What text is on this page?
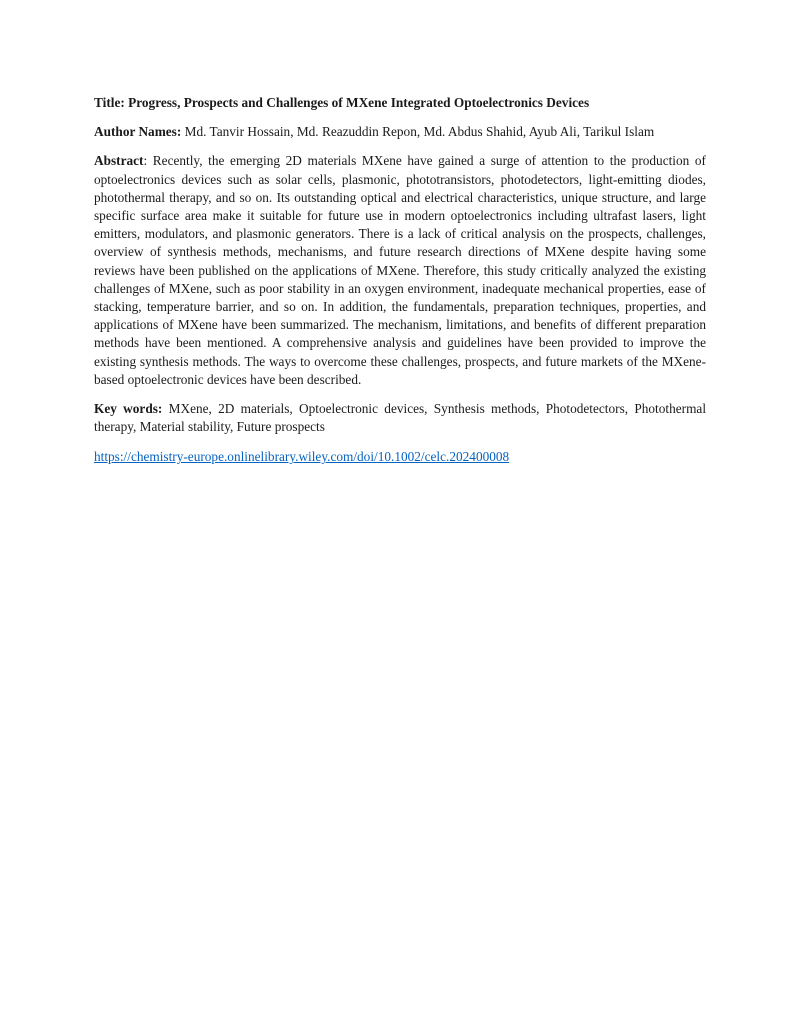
Title: Progress, Prospects and Challenges of MXene Integrated Optoelectronics Devices

Author Names: Md. Tanvir Hossain, Md. Reazuddin Repon, Md. Abdus Shahid, Ayub Ali, Tarikul Islam

Abstract: Recently, the emerging 2D materials MXene have gained a surge of attention to the production of optoelectronics devices such as solar cells, plasmonic, phototransistors, photodetectors, light-emitting diodes, photothermal therapy, and so on. Its outstanding optical and electrical characteristics, unique structure, and large specific surface area make it suitable for future use in modern optoelectronics including ultrafast lasers, light emitters, modulators, and plasmonic generators. There is a lack of critical analysis on the prospects, challenges, overview of synthesis methods, mechanisms, and future research directions of MXene despite having some reviews have been published on the applications of MXene. Therefore, this study critically analyzed the existing challenges of MXene, such as poor stability in an oxygen environment, inadequate mechanical properties, ease of stacking, temperature barrier, and so on. In addition, the fundamentals, preparation techniques, properties, and applications of MXene have been summarized. The mechanism, limitations, and benefits of different preparation methods have been mentioned. A comprehensive analysis and guidelines have been provided to improve the existing synthesis methods. The ways to overcome these challenges, prospects, and future markets of the MXene-based optoelectronic devices have been described.

Key words: MXene, 2D materials, Optoelectronic devices, Synthesis methods, Photodetectors, Photothermal therapy, Material stability, Future prospects

https://chemistry-europe.onlinelibrary.wiley.com/doi/10.1002/celc.202400008
